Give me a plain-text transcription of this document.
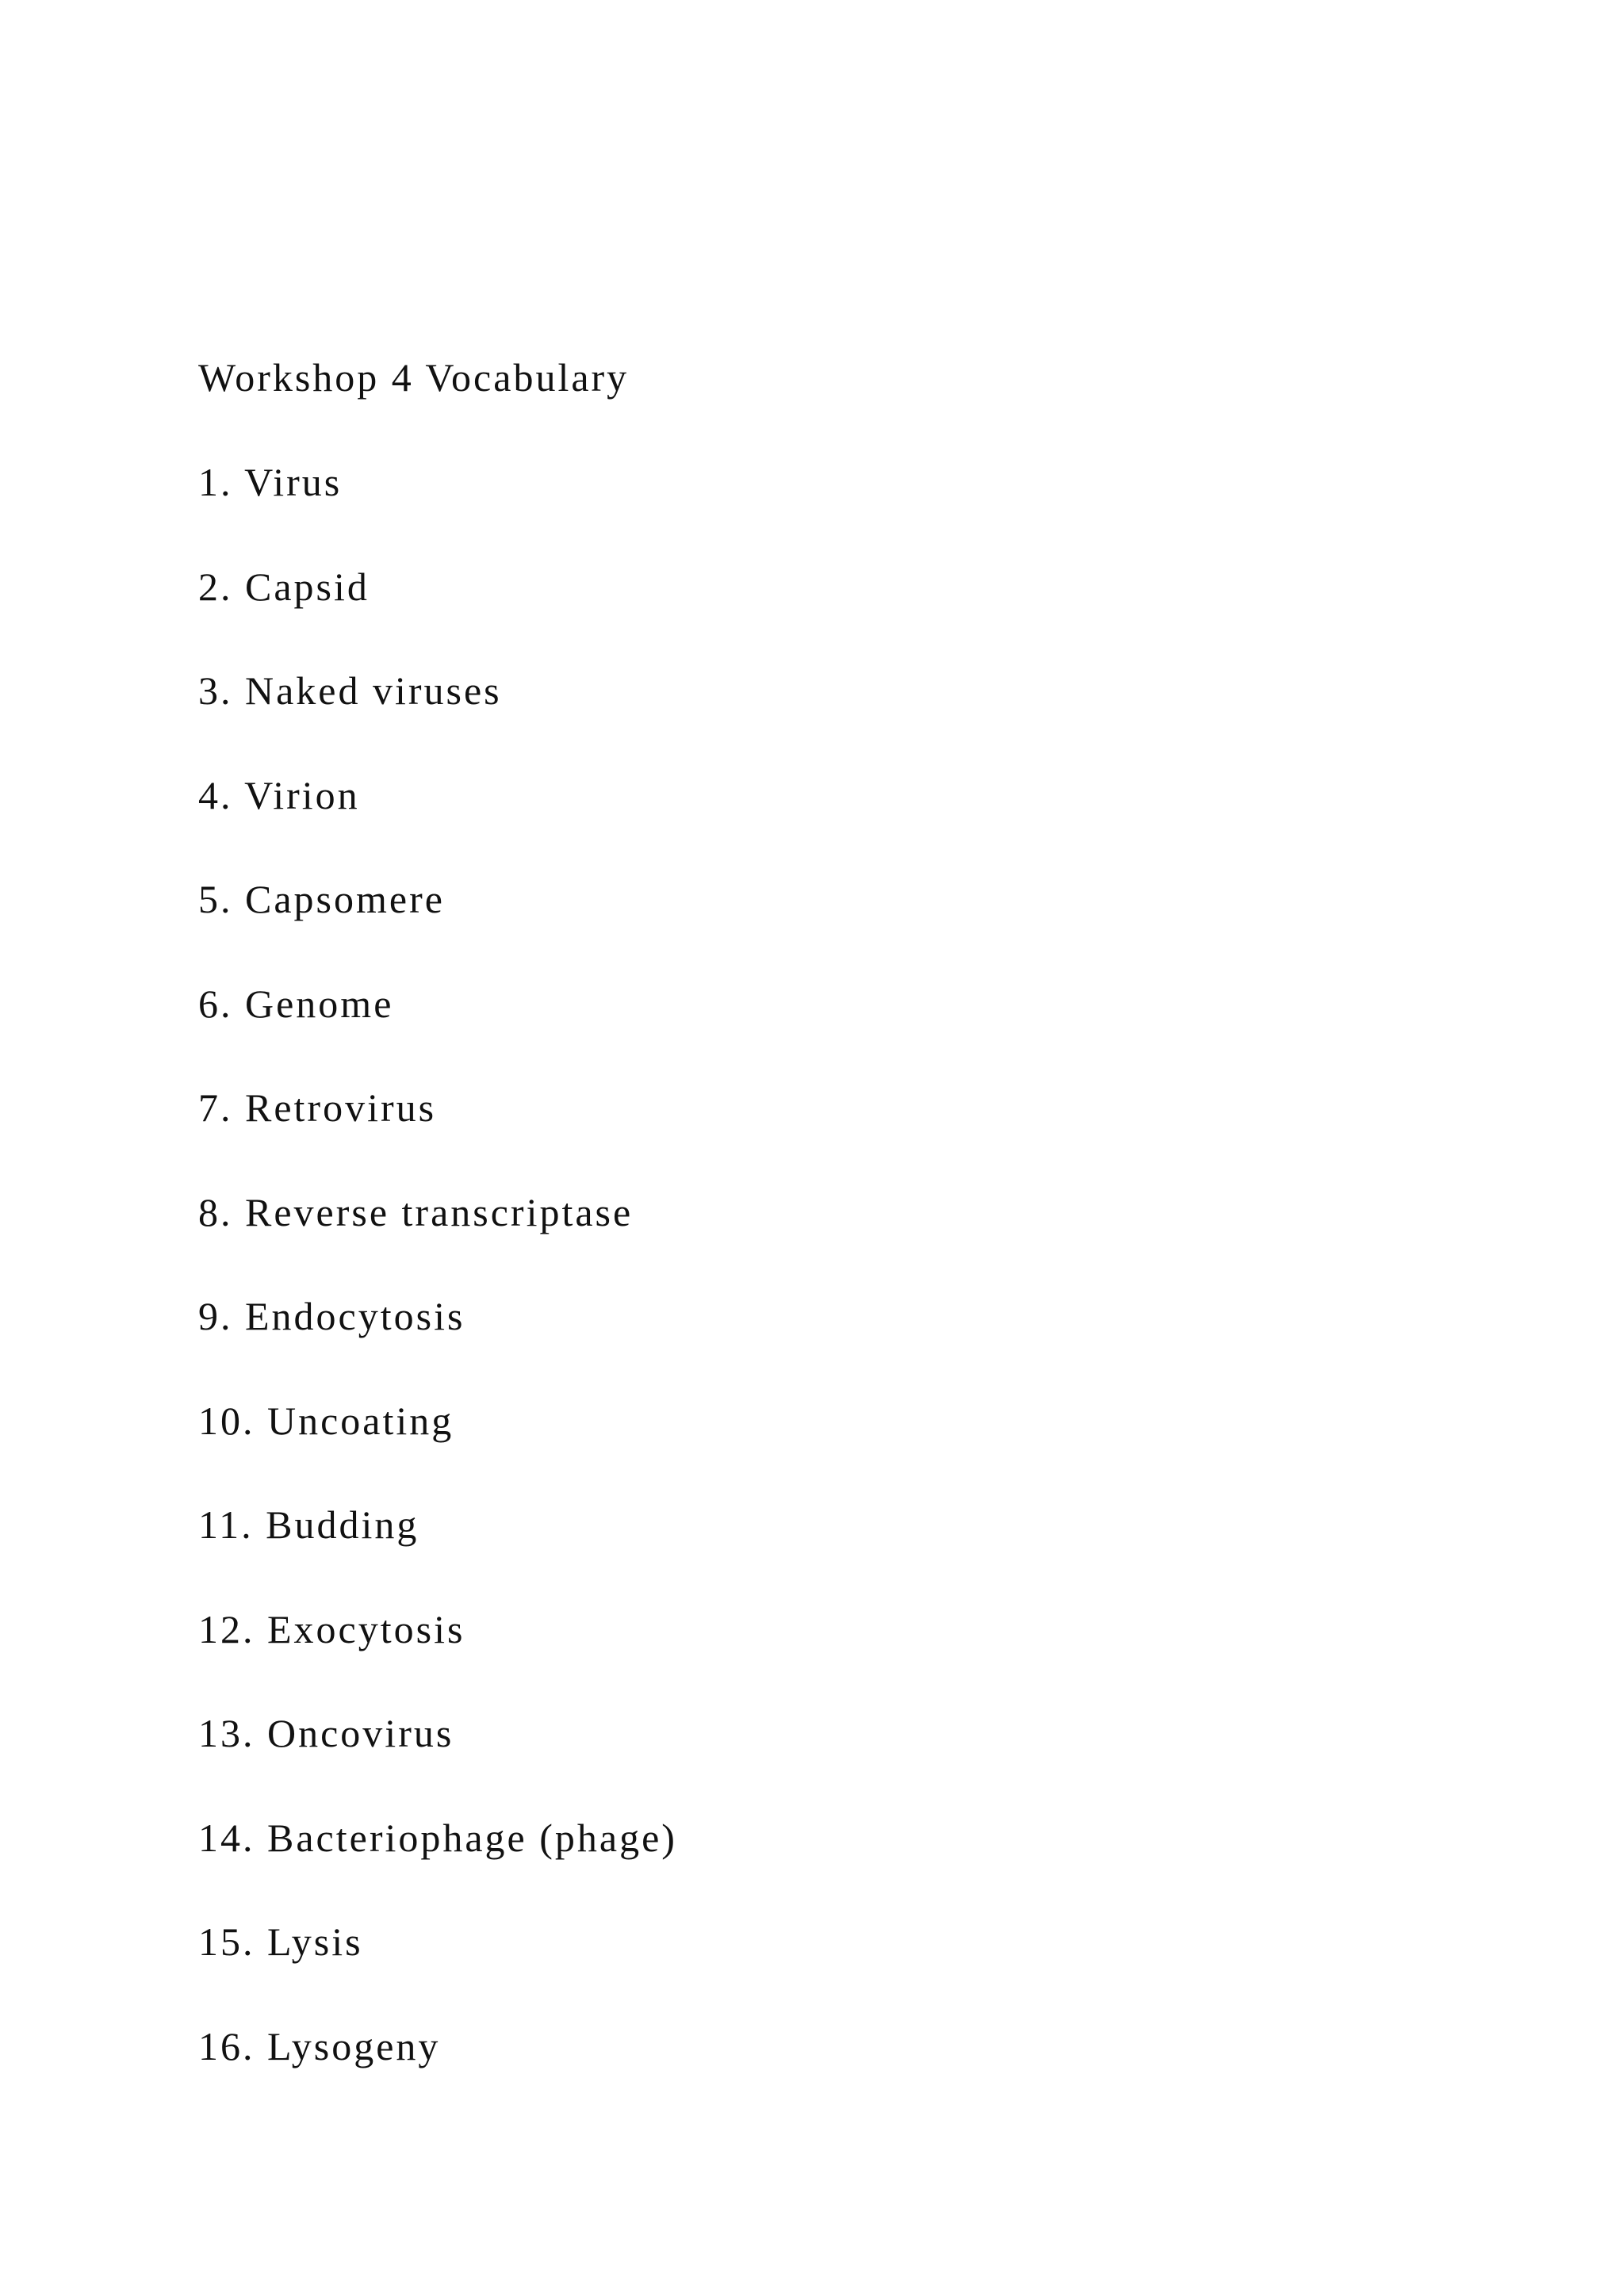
Workshop 4 Vocabulary
1. Virus
2. Capsid
3. Naked viruses
4. Virion
5. Capsomere
6. Genome
7. Retrovirus
8. Reverse transcriptase
9. Endocytosis
10. Uncoating
11. Budding
12. Exocytosis
13. Oncovirus
14. Bacteriophage (phage)
15. Lysis
16. Lysogeny
